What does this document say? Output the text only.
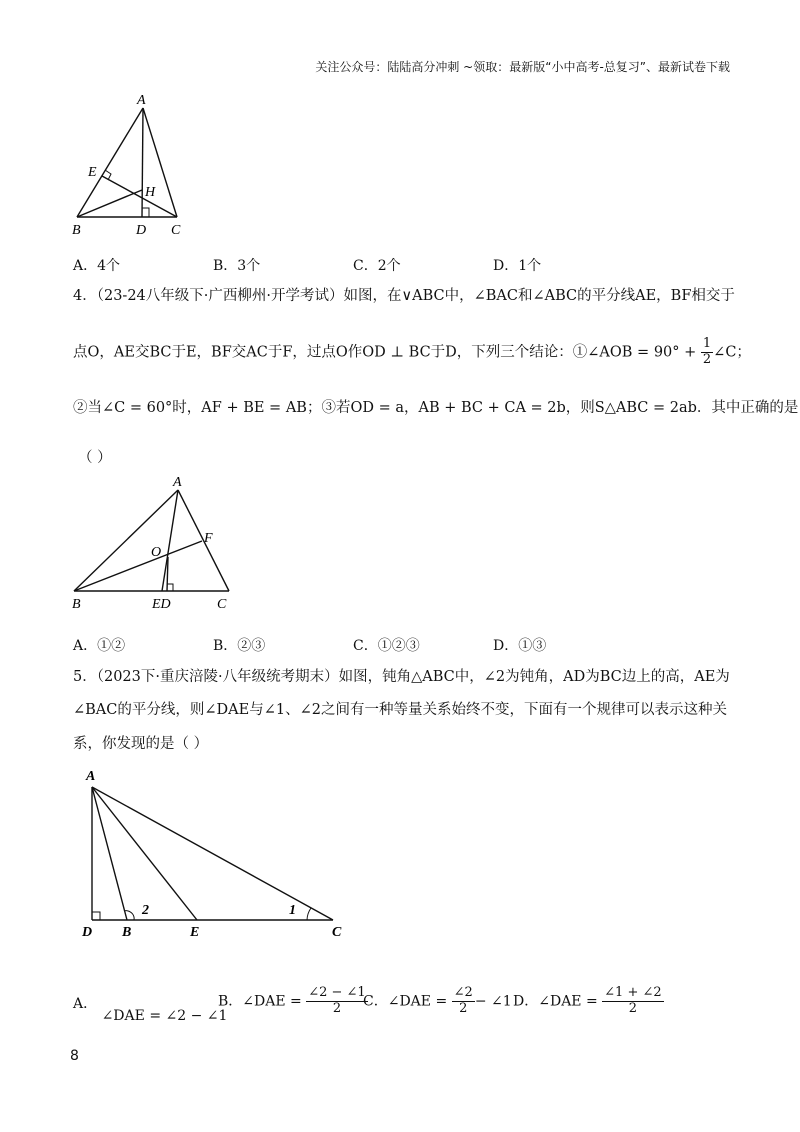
关注公众号：陆陆高分冲刺 ~领取：最新版“小中高考-总复习”、最新试卷下载
A
E
H
B	D C
A．4个	B．3个	C．2个	D．1个
4．（23-24八年级下·广西柳州·开学考试）如图，在∨ABC中，∠BAC和∠ABC的平分线AE，BF相交于
点O，AE交BC于E，BF交AC于F，过点O作OD ⊥ BC于D，下列三个结论：①∠AOB = $90^\circ + \frac{1}{2}$ ∠C；
②当∠C = 60°时，AF + BE = AB；③若OD = a，AB + BC + CA = 2b，则S△ABC = 2ab．其中正确的是
（ ）
A
F
O
B	ED	C
A．①②	B．②③	C．①②③	D．①③
5．（2023下·重庆涪陵·八年级统考期末）如图，钝角△ABC中，∠2为钝角，AD为BC边上的高，AE为
∠BAC的平分线，则∠DAE与∠1、∠2之间有一种等量关系始终不变，下面有一个规律可以表示这种关
系，你发现的是（ ）
A
2	1
D B	E	C
A． ∠DAE = ∠2 − ∠1
B．∠DAE = $\frac{\angle 2 - \angle 1}{2}$
C．∠DAE = $\frac{\angle 2}{2}$ − ∠1 D．∠DAE = $\frac{\angle 1 + \angle 2}{2}$
8
